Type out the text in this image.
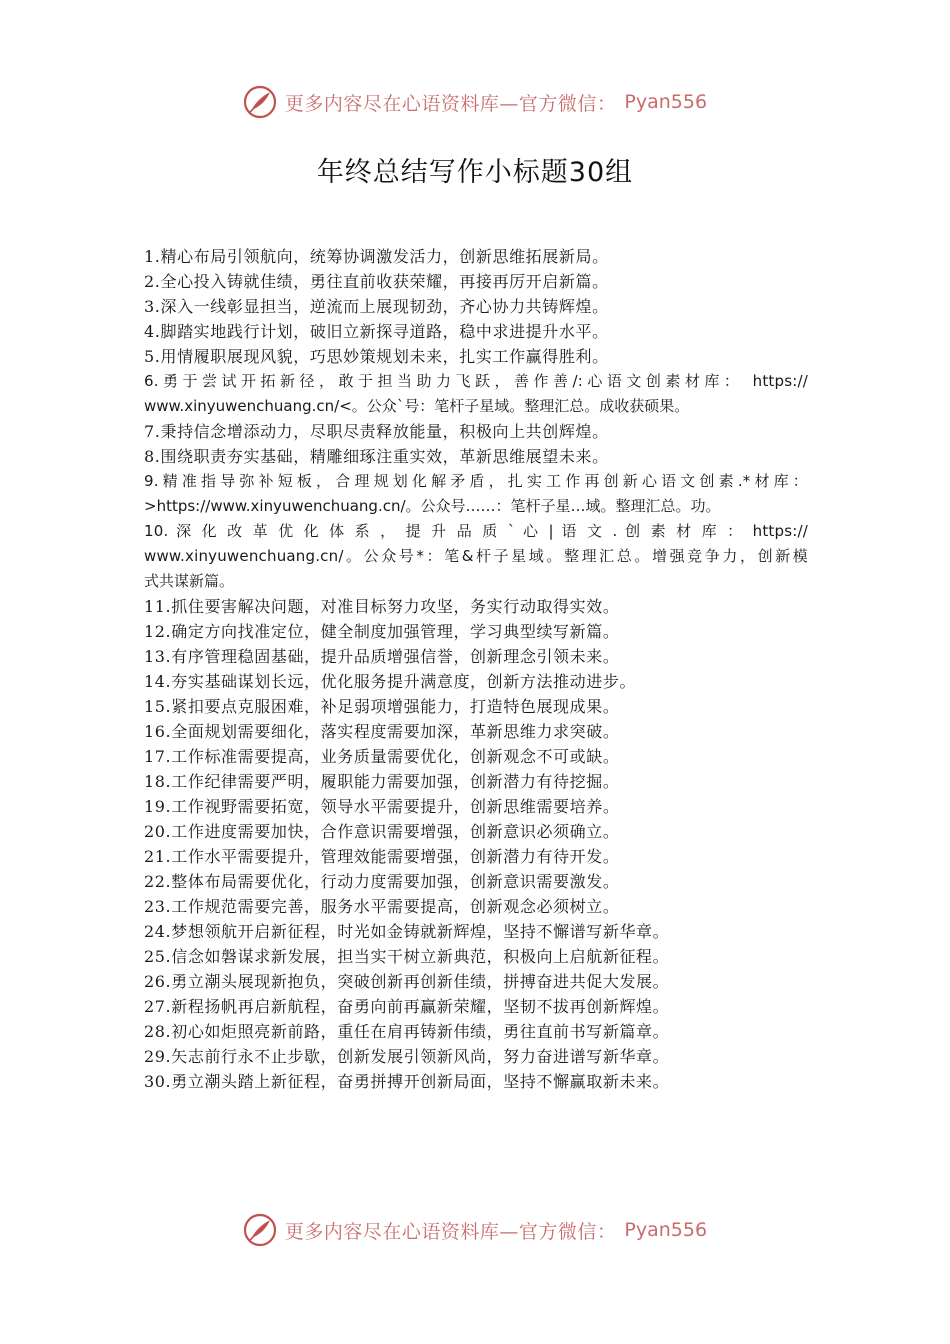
更多内容尽在心语资料库—官方微信： Pyan556
年终总结写作小标题30组
1.精心布局引领航向，统筹协调激发活力，创新思维拓展新局。
2.全心投入铸就佳绩，勇往直前收获荣耀，再接再厉开启新篇。
3.深入一线彰显担当，逆流而上展现韧劲，齐心协力共铸辉煌。
4.脚踏实地践行计划，破旧立新探寻道路，稳中求进提升水平。
5.用情履职展现风貌，巧思妙策规划未来，扎实工作赢得胜利。
6.勇于尝试开拓新径，敢于担当助力飞跃，善作善/:心语文创素材库： https://
www.xinyuwenchuang.cn/<。公众`号：笔杆子星域。整理汇总。成收获硕果。
7.秉持信念增添动力，尽职尽责释放能量，积极向上共创辉煌。
8.围绕职责夯实基础，精雕细琢注重实效，革新思维展望未来。
9.精准指导弥补短板，合理规划化解矛盾，扎实工作再创新心语文创素.*材库：
>https://www.xinyuwenchuang.cn/。公众号……：笔杆子星…域。整理汇总。功。
10. 深 化 改 革 优 化 体 系 ， 提 升 品 质 ` 心 | 语 文 . 创 素 材 库 ： https://
www.xinyuwenchuang.cn/。公众号*：笔&杆子星域。整理汇总。增强竞争力，创新模
式共谋新篇。
11.抓住要害解决问题，对准目标努力攻坚，务实行动取得实效。
12.确定方向找准定位，健全制度加强管理，学习典型续写新篇。
13.有序管理稳固基础，提升品质增强信誉，创新理念引领未来。
14.夯实基础谋划长远，优化服务提升满意度，创新方法推动进步。
15.紧扣要点克服困难，补足弱项增强能力，打造特色展现成果。
16.全面规划需要细化，落实程度需要加深，革新思维力求突破。
17.工作标准需要提高，业务质量需要优化，创新观念不可或缺。
18.工作纪律需要严明，履职能力需要加强，创新潜力有待挖掘。
19.工作视野需要拓宽，领导水平需要提升，创新思维需要培养。
20.工作进度需要加快，合作意识需要增强，创新意识必须确立。
21.工作水平需要提升，管理效能需要增强，创新潜力有待开发。
22.整体布局需要优化，行动力度需要加强，创新意识需要激发。
23.工作规范需要完善，服务水平需要提高，创新观念必须树立。
24.梦想领航开启新征程，时光如金铸就新辉煌，坚持不懈谱写新华章。
25.信念如磐谋求新发展，担当实干树立新典范，积极向上启航新征程。
26.勇立潮头展现新抱负，突破创新再创新佳绩，拼搏奋进共促大发展。
27.新程扬帆再启新航程，奋勇向前再赢新荣耀，坚韧不拔再创新辉煌。
28.初心如炬照亮新前路，重任在肩再铸新伟绩，勇往直前书写新篇章。
29.矢志前行永不止步歇，创新发展引领新风尚，努力奋进谱写新华章。
30.勇立潮头踏上新征程，奋勇拼搏开创新局面，坚持不懈赢取新未来。
更多内容尽在心语资料库—官方微信： Pyan556
